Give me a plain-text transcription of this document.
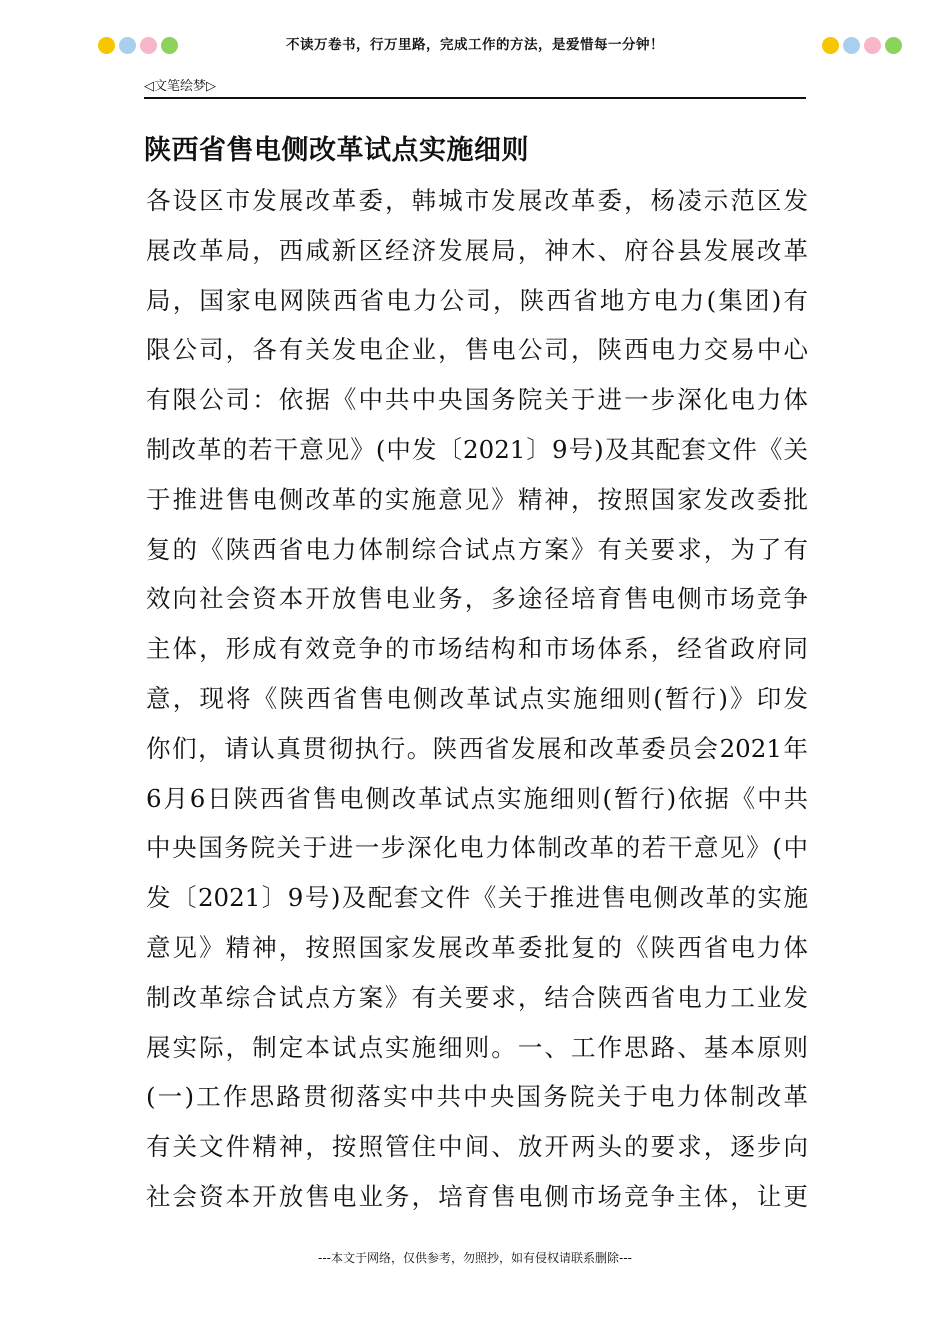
不读万卷书，行万里路，完成工作的方法，是爱惜每一分钟！
◁文笔绘梦▷
陕西省售电侧改革试点实施细则
各设区市发展改革委，韩城市发展改革委，杨凌示范区发
展改革局，西咸新区经济发展局，神木、府谷县发展改革
局，国家电网陕西省电力公司，陕西省地方电力(集团)有
限公司，各有关发电企业，售电公司，陕西电力交易中心
有限公司：依据《中共中央国务院关于进一步深化电力体
制改革的若干意见》(中发〔2021〕9号)及其配套文件《关
于推进售电侧改革的实施意见》精神，按照国家发改委批
复的《陕西省电力体制综合试点方案》有关要求，为了有
效向社会资本开放售电业务，多途径培育售电侧市场竞争
主体，形成有效竞争的市场结构和市场体系，经省政府同
意，现将《陕西省售电侧改革试点实施细则(暂行)》印发
你们，请认真贯彻执行。陕西省发展和改革委员会2021年
6月6日陕西省售电侧改革试点实施细则(暂行)依据《中共
中央国务院关于进一步深化电力体制改革的若干意见》(中
发〔2021〕9号)及配套文件《关于推进售电侧改革的实施
意见》精神，按照国家发展改革委批复的《陕西省电力体
制改革综合试点方案》有关要求，结合陕西省电力工业发
展实际，制定本试点实施细则。一、工作思路、基本原则
(一)工作思路贯彻落实中共中央国务院关于电力体制改革
有关文件精神，按照管住中间、放开两头的要求，逐步向
社会资本开放售电业务，培育售电侧市场竞争主体，让更
---本文于网络，仅供参考，勿照抄，如有侵权请联系删除---
